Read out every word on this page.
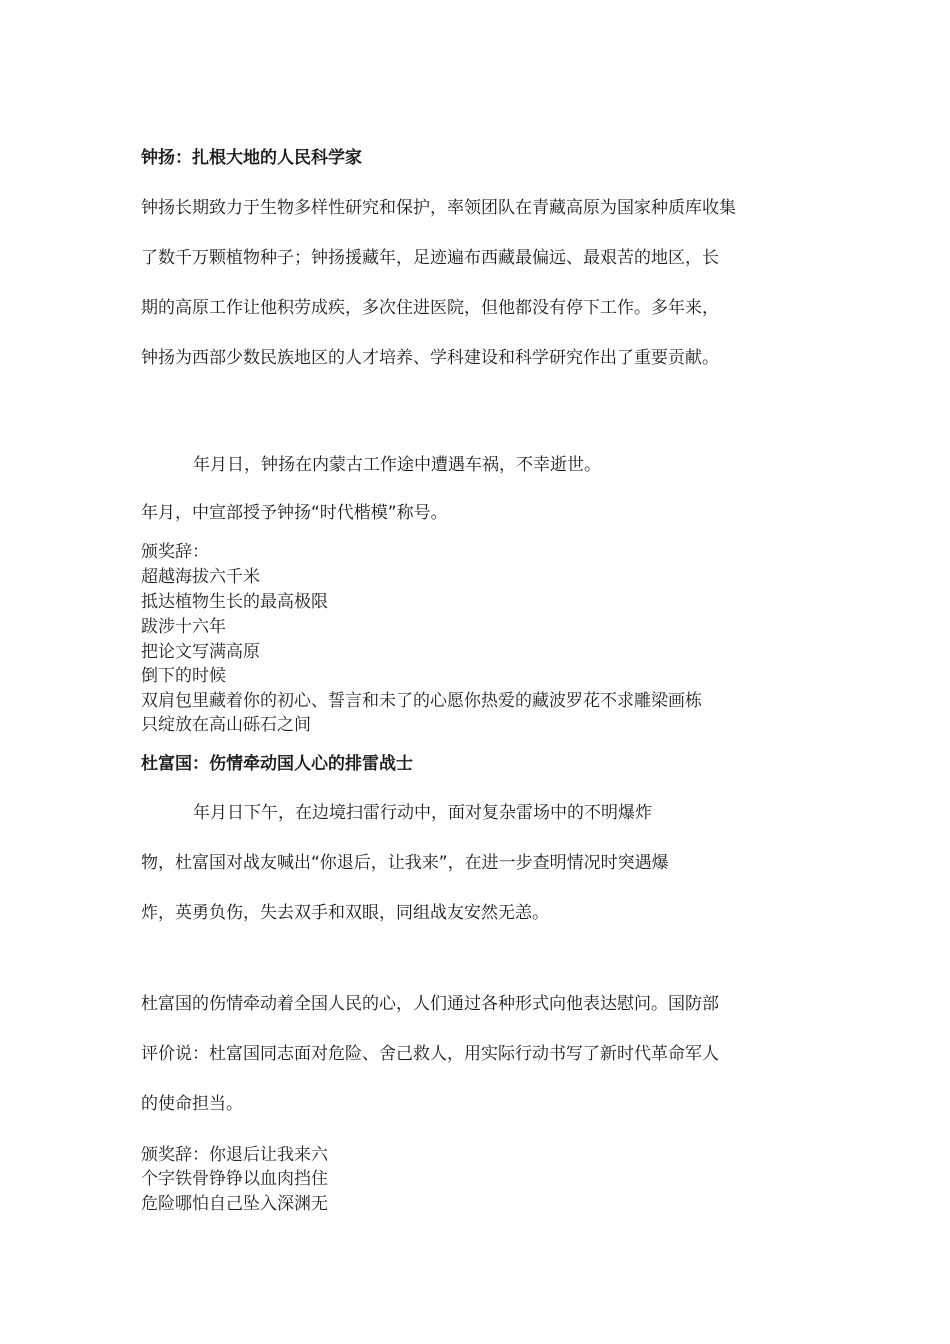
钟扬：扎根大地的人民科学家
钟扬长期致力于生物多样性研究和保护，率领团队在青藏高原为国家种质库收集
了数千万颗植物种子；钟扬援藏年，足迹遍布西藏最偏远、最艰苦的地区，长
期的高原工作让他积劳成疾，多次住进医院，但他都没有停下工作。多年来，
钟扬为西部少数民族地区的人才培养、学科建设和科学研究作出了重要贡献。
年月日，钟扬在内蒙古工作途中遭遇车祸，不幸逝世。
年月，中宣部授予钟扬“时代楷模”称号。
颁奖辞：
超越海拔六千米
抵达植物生长的最高极限
跋涉十六年
把论文写满高原
倒下的时候
双肩包里藏着你的初心、誓言和未了的心愿你热爱的藏波罗花不求雕梁画栋
只绽放在高山砾石之间
杜富国：伤情牵动国人心的排雷战士
年月日下午，在边境扫雷行动中，面对复杂雷场中的不明爆炸
物，杜富国对战友喊出“你退后，让我来”，在进一步查明情况时突遇爆
炸，英勇负伤，失去双手和双眼，同组战友安然无恙。
杜富国的伤情牵动着全国人民的心，人们通过各种形式向他表达慰问。国防部
评价说：杜富国同志面对危险、舍己救人，用实际行动书写了新时代革命军人
的使命担当。
颁奖辞：你退后让我来六
个字铁骨铮铮以血肉挡住
危险哪怕自己坠入深渊无
